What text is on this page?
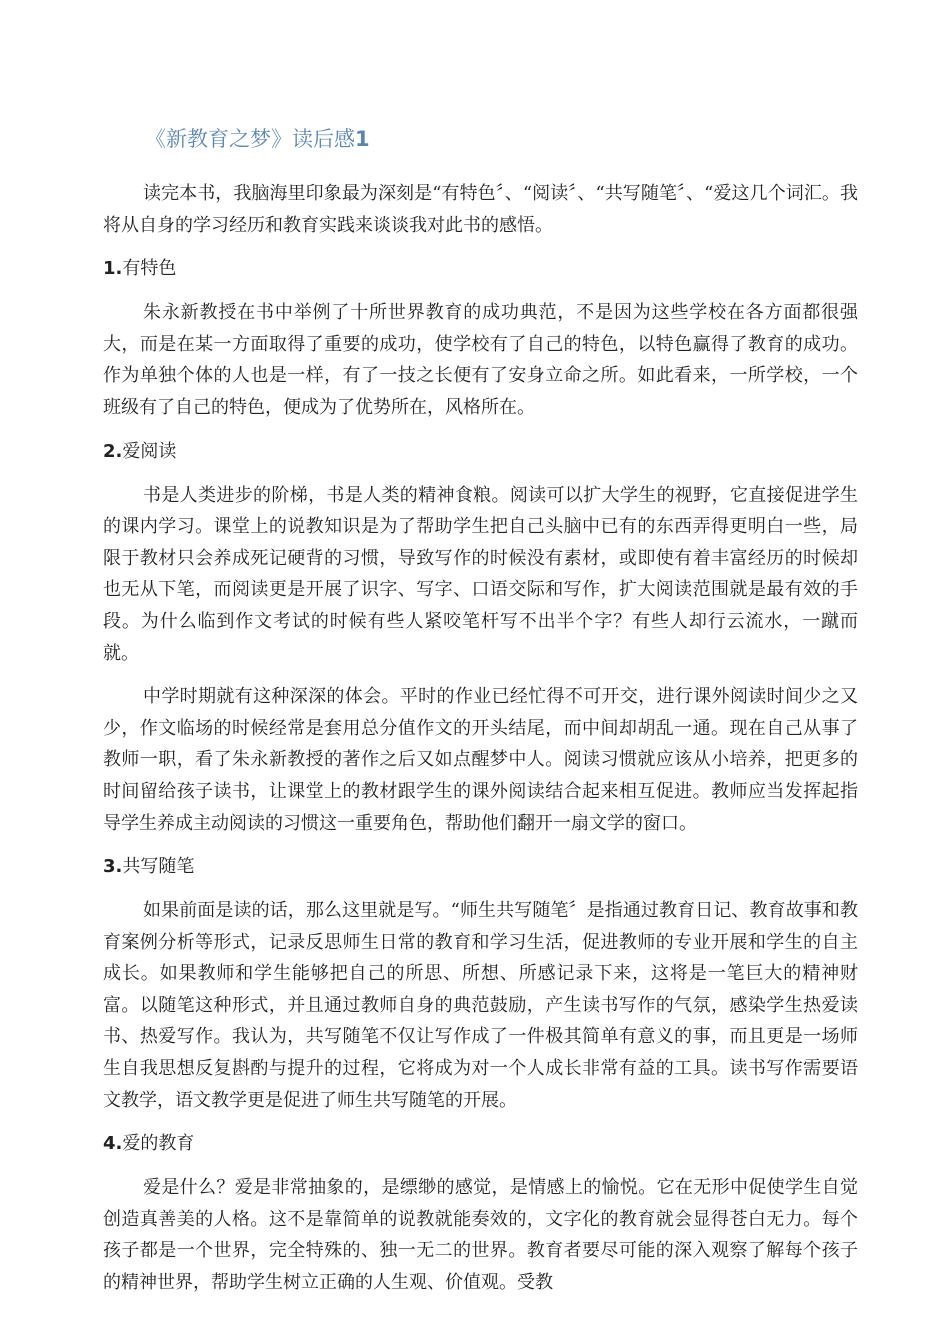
《新教育之梦》读后感1

读完本书，我脑海里印象最为深刻是“有特色〞、“阅读〞、“共写随笔〞、“爱这几个词汇。我将从自身的学习经历和教育实践来谈谈我对此书的感悟。

1.有特色

朱永新教授在书中举例了十所世界教育的成功典范，不是因为这些学校在各方面都很强大，而是在某一方面取得了重要的成功，使学校有了自己的特色，以特色赢得了教育的成功。作为单独个体的人也是一样，有了一技之长便有了安身立命之所。如此看来，一所学校，一个班级有了自己的特色，便成为了优势所在，风格所在。

2.爱阅读

书是人类进步的阶梯，书是人类的精神食粮。阅读可以扩大学生的视野，它直接促进学生的课内学习。课堂上的说教知识是为了帮助学生把自己头脑中已有的东西弄得更明白一些，局限于教材只会养成死记硬背的习惯，导致写作的时候没有素材，或即使有着丰富经历的时候却也无从下笔，而阅读更是开展了识字、写字、口语交际和写作，扩大阅读范围就是最有效的手段。为什么临到作文考试的时候有些人紧咬笔杆写不出半个字？有些人却行云流水，一蹴而就。

中学时期就有这种深深的体会。平时的作业已经忙得不可开交，进行课外阅读时间少之又少，作文临场的时候经常是套用总分值作文的开头结尾，而中间却胡乱一通。现在自己从事了教师一职，看了朱永新教授的著作之后又如点醒梦中人。阅读习惯就应该从小培养，把更多的时间留给孩子读书，让课堂上的教材跟学生的课外阅读结合起来相互促进。教师应当发挥起指导学生养成主动阅读的习惯这一重要角色，帮助他们翻开一扇文学的窗口。

3.共写随笔

如果前面是读的话，那么这里就是写。“师生共写随笔〞是指通过教育日记、教育故事和教育案例分析等形式，记录反思师生日常的教育和学习生活，促进教师的专业开展和学生的自主成长。如果教师和学生能够把自己的所思、所想、所感记录下来，这将是一笔巨大的精神财富。以随笔这种形式，并且通过教师自身的典范鼓励，产生读书写作的气氛，感染学生热爱读书、热爱写作。我认为，共写随笔不仅让写作成了一件极其简单有意义的事，而且更是一场师生自我思想反复斟酌与提升的过程，它将成为对一个人成长非常有益的工具。读书写作需要语文教学，语文教学更是促进了师生共写随笔的开展。

4.爱的教育

爱是什么？爱是非常抽象的，是缥缈的感觉，是情感上的愉悦。它在无形中促使学生自觉创造真善美的人格。这不是靠简单的说教就能奏效的，文字化的教育就会显得苍白无力。每个孩子都是一个世界，完全特殊的、独一无二的世界。教育者要尽可能的深入观察了解每个孩子的精神世界，帮助学生树立正确的人生观、价值观。受教
